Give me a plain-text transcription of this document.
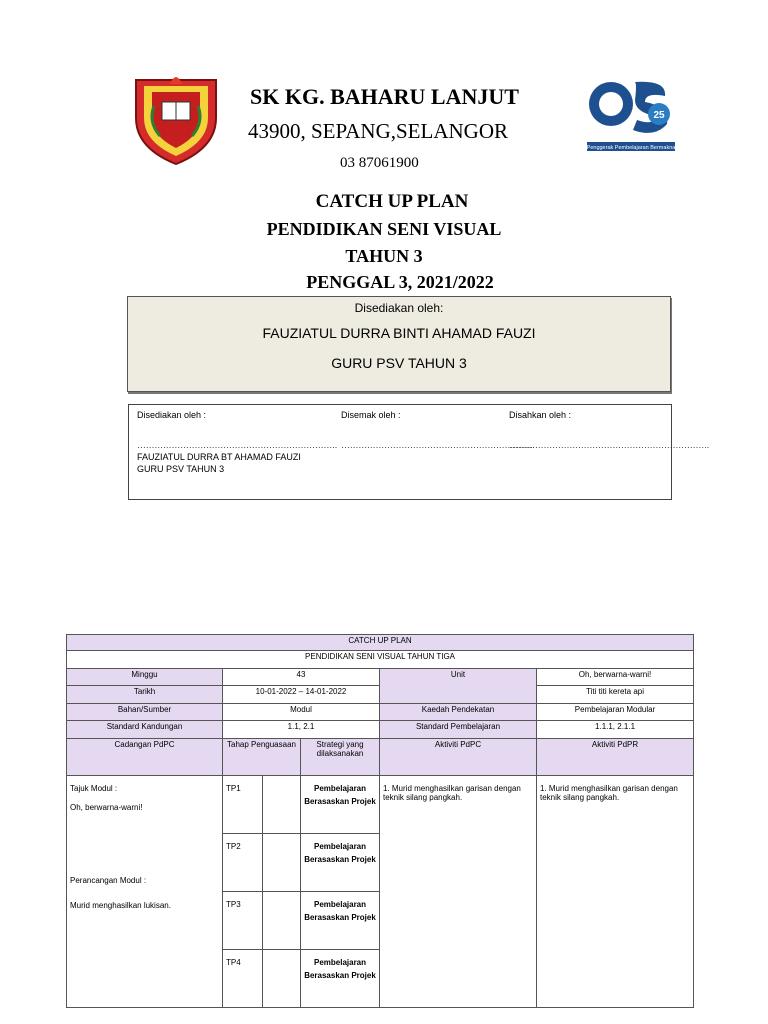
25
Penggerak Pembelajaran Bermakna
SK KG. BAHARU LANJUT
43900, SEPANG,SELANGOR
03 87061900
CATCH UP PLAN
PENDIDIKAN SENI VISUAL
TAHUN 3
PENGGAL 3, 2021/2022
Disediakan oleh:
FAUZIATUL DURRA BINTI AHAMAD FAUZI
GURU PSV TAHUN 3
Disediakan oleh :
…………………………………………………………….
FAUZIATUL DURRA BT AHAMAD FAUZI
GURU PSV TAHUN 3
Disemak oleh :
…………………………………………………………..
Disahkan oleh :
…………………………………………………………….
CATCH UP PLAN					
PENDIDIKAN SENI VISUAL TAHUN TIGA					
Minggu	43			Unit	Oh, berwarna-warni!
Tarikh	10-01-2022 – 14-01-2022				Titi titi kereta api
Bahan/Sumber	Modul			Kaedah Pendekatan	Pembelajaran Modular
Standard Kandungan	1.1, 2.1			Standard Pembelajaran	1.1.1, 2.1.1
Cadangan PdPC	Tahap Penguasaan		Strategi yang dilaksanakan	Aktiviti PdPC	Aktiviti PdPR

Tajuk Modul :
Oh, berwarna-warni!
Perancangan Modul :
Murid menghasilkan lukisan.	TP1		Pembelajaran Berasaskan Projek	1. Murid menghasilkan garisan dengan teknik silang pangkah.	1. Murid menghasilkan garisan dengan teknik silang pangkah.
	TP2		Pembelajaran Berasaskan Projek		
	TP3		Pembelajaran Berasaskan Projek		
	TP4		Pembelajaran Berasaskan Projek		
